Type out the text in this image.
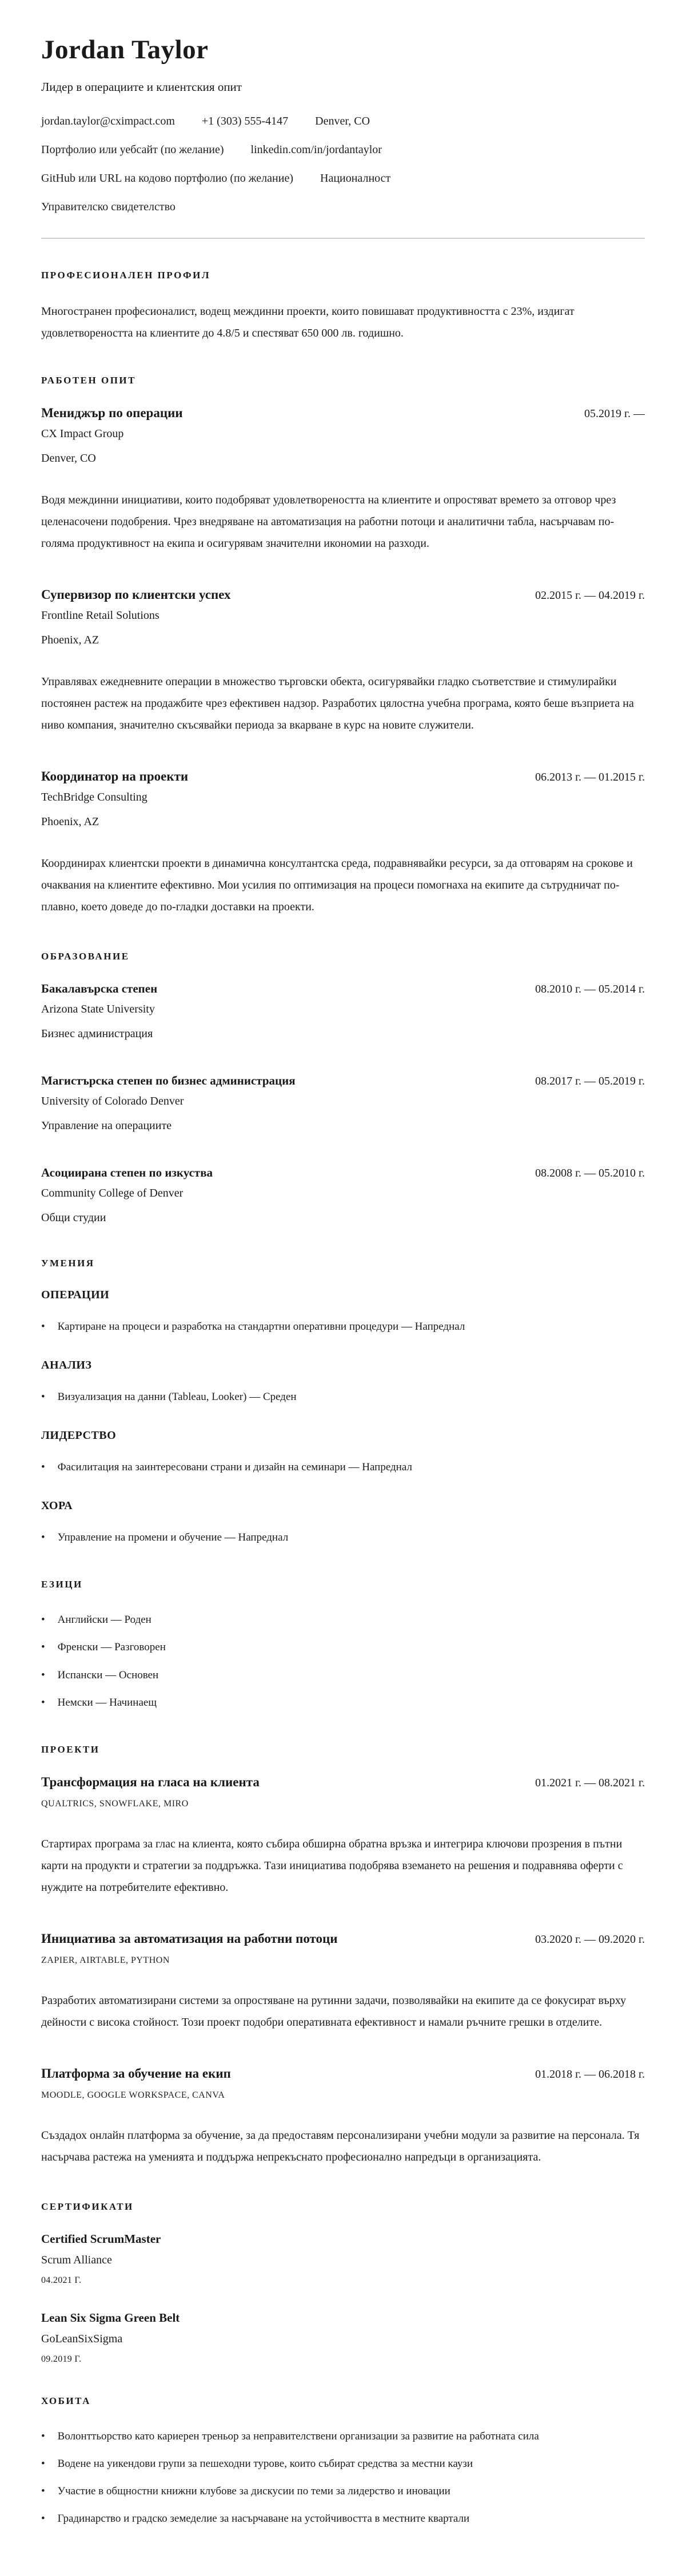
Jordan Taylor
Лидер в операциите и клиентския опит
jordan.taylor@cximpact.com +1 (303) 555-4147 Denver, CO
Портфолио или уебсайт (по желание) linkedin.com/in/jordantaylor
GitHub или URL на кодово портфолио (по желание) Националност
Управителско свидетелство
ПРОФЕСИОНАЛЕН ПРОФИЛ

Многостранен професионалист, водещ междинни проекти, които повишават продуктивността с 23%, издигат удовлетвореността на клиентите до 4.8/5 и спестяват 650 000 лв. годишно.

РАБОТЕН ОПИТ
Мениджър по операции	05.2019 г. —
CX Impact Group
Denver, CO

Водя междинни инициативи, които подобряват удовлетвореността на клиентите и опростяват времето за отговор чрез целенасочени подобрения. Чрез внедряване на автоматизация на работни потоци и аналитични табла, насърчавам по-голяма продуктивност на екипа и осигурявам значителни икономии на разходи.

Супервизор по клиентски успех	02.2015 г. — 04.2019 г.
Frontline Retail Solutions
Phoenix, AZ

Управлявах ежедневните операции в множество търговски обекта, осигурявайки гладко съответствие и стимулирайки постоянен растеж на продажбите чрез ефективен надзор. Разработих цялостна учебна програма, която беше възприета на ниво компания, значително скъсявайки периода за вкарване в курс на новите служители.

Координатор на проекти	06.2013 г. — 01.2015 г.
TechBridge Consulting
Phoenix, AZ

Координирах клиентски проекти в динамична консултантска среда, подравнявайки ресурси, за да отговарям на срокове и очаквания на клиентите ефективно. Мои усилия по оптимизация на процеси помогнаха на екипите да сътрудничат по-плавно, което доведе до по-гладки доставки на проекти.

ОБРАЗОВАНИЕ
Бакалавърска степен	08.2010 г. — 05.2014 г.
Arizona State University
Бизнес администрация
Магистърска степен по бизнес администрация	08.2017 г. — 05.2019 г.
University of Colorado Denver
Управление на операциите
Асоциирана степен по изкуства	08.2008 г. — 05.2010 г.
Community College of Denver
Общи студии
УМЕНИЯ
ОПЕРАЦИИ
• Картиране на процеси и разработка на стандартни оперативни процедури — Напреднал
АНАЛИЗ
• Визуализация на данни (Tableau, Looker) — Среден
ЛИДЕРСТВО
• Фасилитация на заинтересовани страни и дизайн на семинари — Напреднал
ХОРА
• Управление на промени и обучение — Напреднал
ЕЗИЦИ
• Английски — Роден
• Френски — Разговорен
• Испански — Основен
• Немски — Начинаещ
ПРОЕКТИ
Трансформация на гласа на клиента	01.2021 г. — 08.2021 г.
QUALTRICS, SNOWFLAKE, MIRO

Стартирах програма за глас на клиента, която събира обширна обратна връзка и интегрира ключови прозрения в пътни карти на продукти и стратегии за поддръжка. Тази инициатива подобрява вземането на решения и подравнява оферти с нуждите на потребителите ефективно.

Инициатива за автоматизация на работни потоци	03.2020 г. — 09.2020 г.
ZAPIER, AIRTABLE, PYTHON

Разработих автоматизирани системи за опростяване на рутинни задачи, позволявайки на екипите да се фокусират върху дейности с висока стойност. Този проект подобри оперативната ефективност и намали ръчните грешки в отделите.

Платформа за обучение на екип	01.2018 г. — 06.2018 г.
MOODLE, GOOGLE WORKSPACE, CANVA

Създадох онлайн платформа за обучение, за да предоставям персонализирани учебни модули за развитие на персонала. Тя насърчава растежа на уменията и поддържа непрекъснато професионално напредъци в организацията.

СЕРТИФИКАТИ
Certified ScrumMaster
Scrum Alliance
04.2021 Г.
Lean Six Sigma Green Belt
GoLeanSixSigma
09.2019 Г.
ХОБИТА
• Волонттьорство като кариерен треньор за неправителствени организации за развитие на работната сила
• Водене на уикендови групи за пешеходни турове, които събират средства за местни каузи
• Участие в общностни книжни клубове за дискусии по теми за лидерство и иновации
• Градинарство и градско земеделие за насърчаване на устойчивостта в местните квартали
